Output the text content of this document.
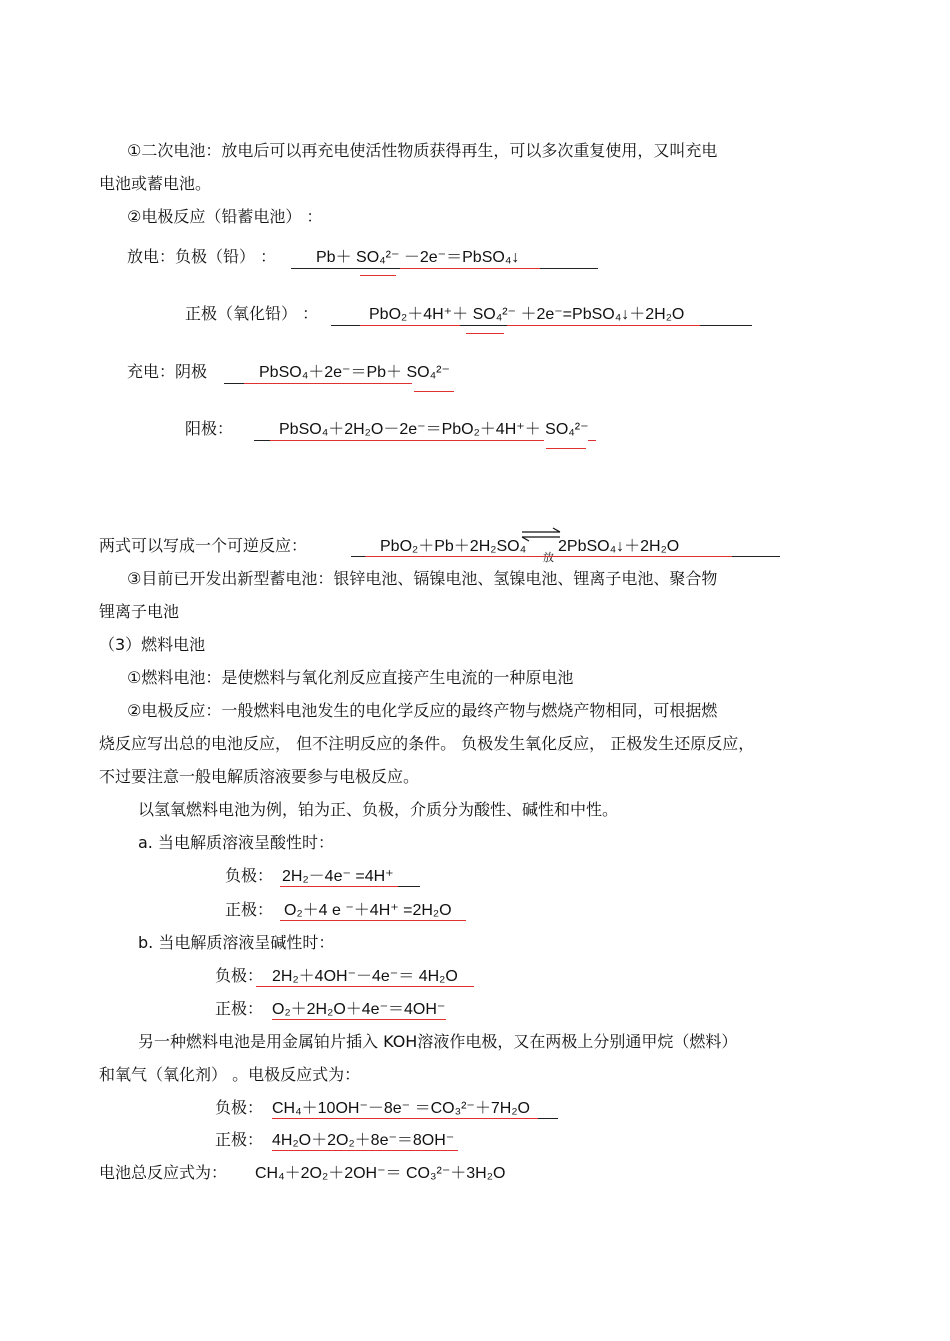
①二次电池：放电后可以再充电使活性物质获得再生，可以多次重复使用，又叫充电
电池或蓄电池。
②电极反应（铅蓄电池） ：
放电：负极（铅） ： Pb＋ SO₄²⁻ －2e⁻＝PbSO₄↓
正极（氧化铅） ：	PbO₂＋4H⁺＋ SO₄²⁻ ＋2e⁻=PbSO₄↓＋2H₂O
充电：阴极	PbSO₄＋2e⁻＝Pb＋ SO₄²⁻
阳极：	PbSO₄＋2H₂O－2e⁻＝PbO₂＋4H⁺＋ SO₄²⁻
两式可以写成一个可逆反应：	PbO₂＋Pb＋2H₂SO₄
放
2PbSO₄↓＋2H₂O
③目前已开发出新型蓄电池：银锌电池、镉镍电池、氢镍电池、锂离子电池、聚合物
锂离子电池
（3）燃料电池
①燃料电池：是使燃料与氧化剂反应直接产生电流的一种原电池
②电极反应：一般燃料电池发生的电化学反应的最终产物与燃烧产物相同，可根据燃
烧反应写出总的电池反应， 但不注明反应的条件。 负极发生氧化反应， 正极发生还原反应，
不过要注意一般电解质溶液要参与电极反应。
以氢氧燃料电池为例，铂为正、负极，介质分为酸性、碱性和中性。
a. 当电解质溶液呈酸性时：
负极： 2H₂－4e⁻ =4H⁺
正极： O₂＋4 e ⁻＋4H⁺ =2H₂O
b. 当电解质溶液呈碱性时：
负极： 2H₂＋4OH⁻－4e⁻＝ 4H₂O
正极： O₂＋2H₂O＋4e⁻＝4OH⁻
另一种燃料电池是用金属铂片插入 KOH溶液作电极，又在两极上分别通甲烷（燃料）
和氧气（氧化剂） 。电极反应式为：
负极： CH₄＋10OH⁻－8e⁻ ＝CO₃²⁻＋7H₂O
正极： 4H₂O＋2O₂＋8e⁻＝8OH⁻
电池总反应式为： CH₄＋2O₂＋2OH⁻＝ CO₃²⁻＋3H₂O
